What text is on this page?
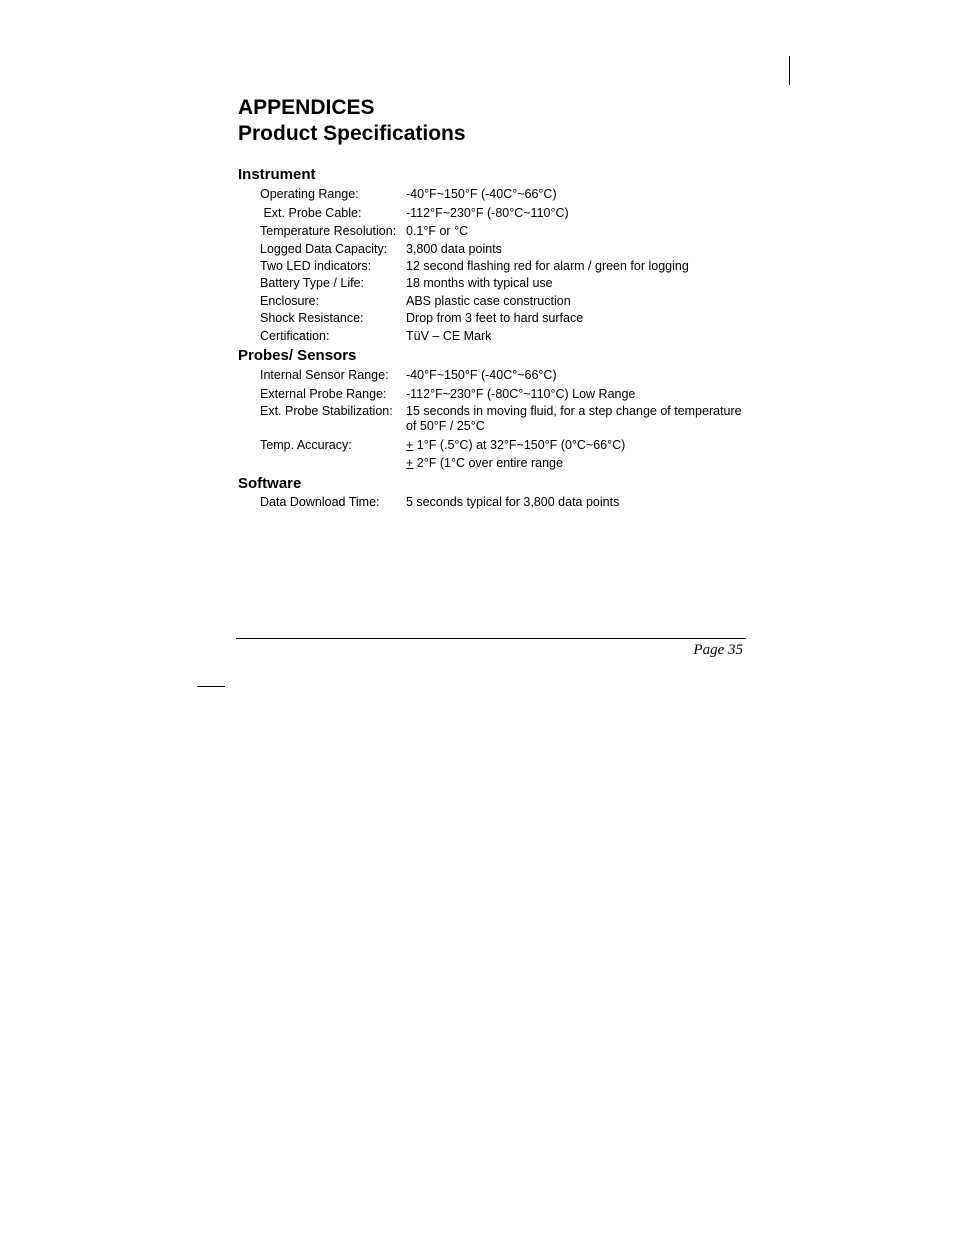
APPENDICES
Product Specifications
Instrument
Operating Range:	-40°F~150°F (-40C°~66°C)
Ext. Probe Cable:	-112°F~230°F (-80°C~110°C)
Temperature Resolution: 0.1°F or °C
Logged Data Capacity: 3,800 data points
Two LED indicators:	12 second flashing red for alarm / green for logging
Battery Type / Life:	18 months with typical use
Enclosure:	ABS plastic case construction
Shock Resistance:	Drop from 3 feet to hard surface
Certification:	TüV – CE Mark
Probes/ Sensors
Internal Sensor Range: -40°F~150°F (-40C°~66°C)
External Probe Range: -112°F~230°F (-80C°~110°C) Low Range
Ext. Probe Stabilization: 15 seconds in moving fluid, for a step change of temperature of 50°F / 25°C
Temp. Accuracy:	+ 1°F (.5°C) at 32°F~150°F (0°C~66°C)
+ 2°F (1°C over entire range
Software
Data Download Time: 5 seconds typical for 3,800 data points
Page 35
